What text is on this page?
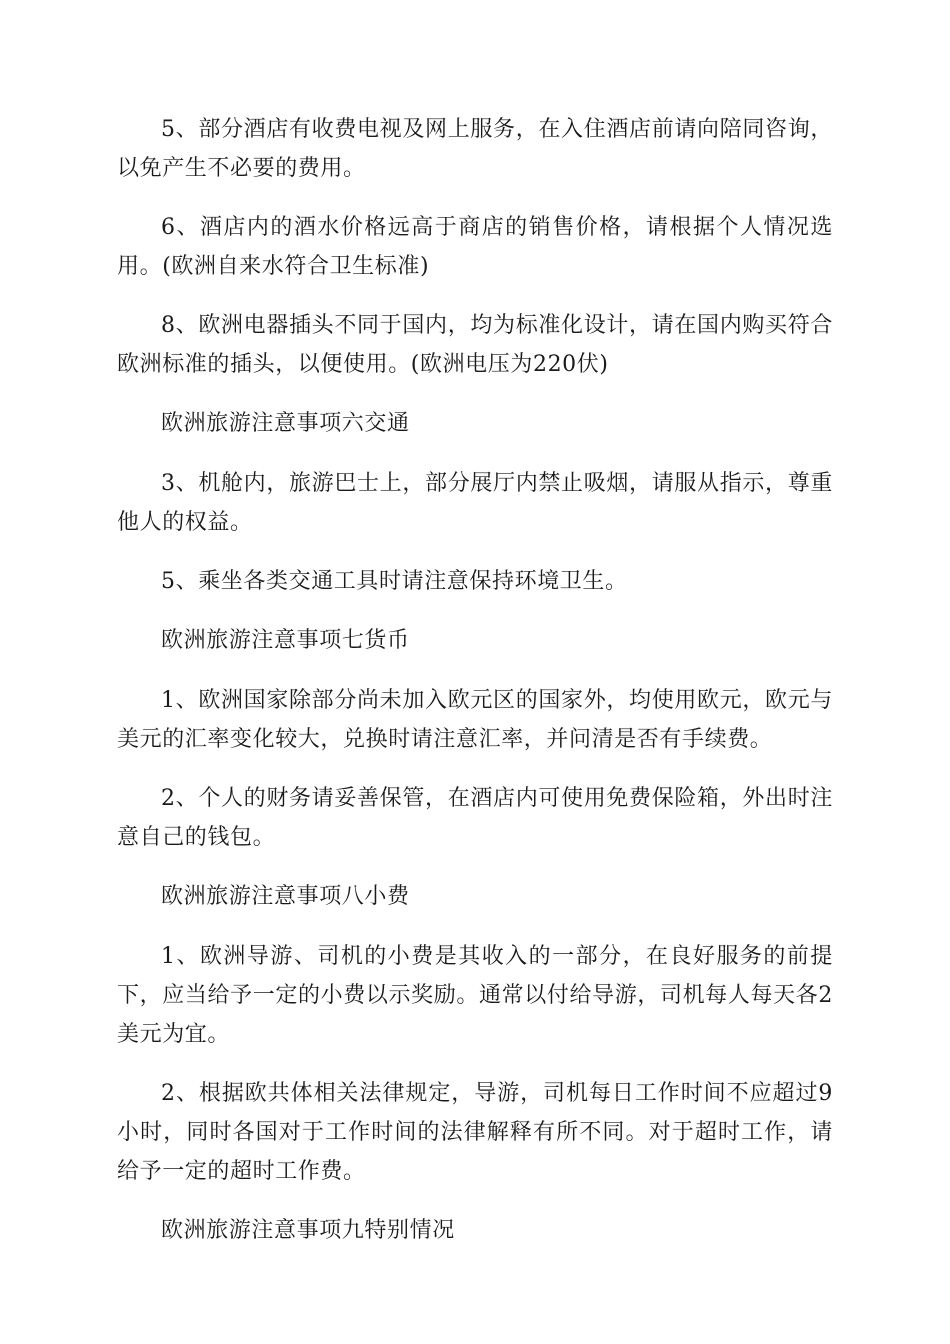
5、部分酒店有收费电视及网上服务，在入住酒店前请向陪同咨询，以免产生不必要的费用。

6、酒店内的酒水价格远高于商店的销售价格，请根据个人情况选用。(欧洲自来水符合卫生标准)

8、欧洲电器插头不同于国内，均为标准化设计，请在国内购买符合欧洲标准的插头，以便使用。(欧洲电压为220伏)

欧洲旅游注意事项六交通

3、机舱内，旅游巴士上，部分展厅内禁止吸烟，请服从指示，尊重他人的权益。

5、乘坐各类交通工具时请注意保持环境卫生。

欧洲旅游注意事项七货币

1、欧洲国家除部分尚未加入欧元区的国家外，均使用欧元，欧元与美元的汇率变化较大，兑换时请注意汇率，并问清是否有手续费。

2、个人的财务请妥善保管，在酒店内可使用免费保险箱，外出时注意自己的钱包。

欧洲旅游注意事项八小费

1、欧洲导游、司机的小费是其收入的一部分，在良好服务的前提下，应当给予一定的小费以示奖励。通常以付给导游，司机每人每天各2美元为宜。

2、根据欧共体相关法律规定，导游，司机每日工作时间不应超过9小时，同时各国对于工作时间的法律解释有所不同。对于超时工作，请给予一定的超时工作费。

欧洲旅游注意事项九特别情况
